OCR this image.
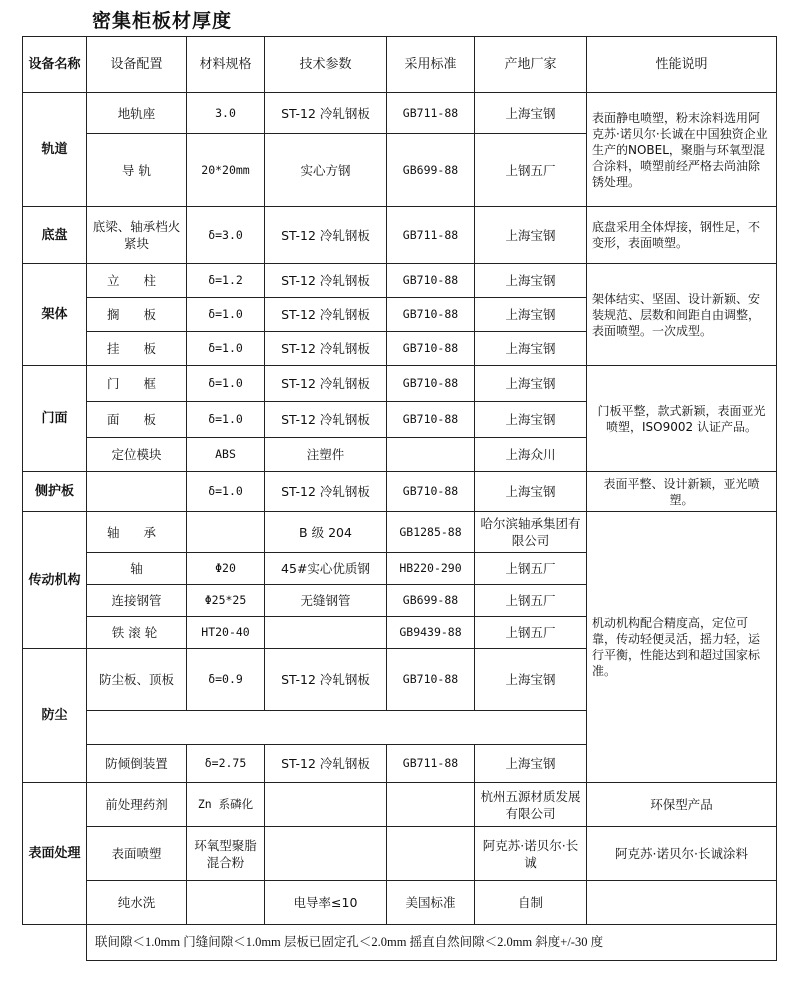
密集柜板材厚度
设备名称	设备配置	材料规格	技术参数	采用标准	产地厂家	性能说明
轨道	地轨座	3.0	ST-12 冷轧钢板	GB711-88	上海宝钢	表面静电喷塑，粉末涂料选用阿克苏·诺贝尔·长诚在中国独资企业生产的NOBEL，聚脂与环氧型混合涂料，喷塑前经严格去尚油除锈处理。
	导 轨	20*20mm	实心方钢	GB699-88	上钢五厂	
底盘	底梁、轴承档火紧块	δ=3.0	ST-12 冷轧钢板	GB711-88	上海宝钢	底盘采用全体焊接，钢性足，不变形，表面喷塑。
架体	立 柱	δ=1.2	ST-12 冷轧钢板	GB710-88	上海宝钢	架体结实、坚固、设计新颖、安装规范、层数和间距自由调整，表面喷塑。一次成型。
	搁 板	δ=1.0	ST-12 冷轧钢板	GB710-88	上海宝钢	
	挂 板	δ=1.0	ST-12 冷轧钢板	GB710-88	上海宝钢	
门面	门 框	δ=1.0	ST-12 冷轧钢板	GB710-88	上海宝钢	门板平整，款式新颖，表面亚光喷塑，ISO9002 认证产品。
	面 板	δ=1.0	ST-12 冷轧钢板	GB710-88	上海宝钢	
	定位模块	ABS	注塑件		上海众川	
侧护板		δ=1.0	ST-12 冷轧钢板	GB710-88	上海宝钢	表面平整、设计新颖，亚光喷塑。
传动机构	轴 承		B 级 204	GB1285-88	哈尔滨轴承集团有限公司	机动机构配合精度高，定位可靠，传动轻便灵活，摇力轻，运行平衡，性能达到和超过国家标准。
	轴	Φ20	45#实心优质钢	HB220-290	上钢五厂	
	连接钢管	Φ25*25	无缝钢管	GB699-88	上钢五厂	
	铁滚轮	HT20-40		GB9439-88	上钢五厂	
防尘	防尘板、顶板	δ=0.9	ST-12 冷轧钢板	GB710-88	上海宝钢	

	防倾倒装置	δ=2.75	ST-12 冷轧钢板	GB711-88	上海宝钢	
表面处理	前处理药剂	Zn 系磷化			杭州五源材质发展有限公司	环保型产品
	表面喷塑	环氧型聚脂混合粉			阿克苏·诺贝尔·长诚	阿克苏·诺贝尔·长诚涂料
	纯水洗		电导率≤10	美国标准	自制	
	联间隙＜1.0mm 门缝间隙＜1.0mm 层板已固定孔＜2.0mm 摇直自然间隙＜2.0mm 斜度+/-30 度					
